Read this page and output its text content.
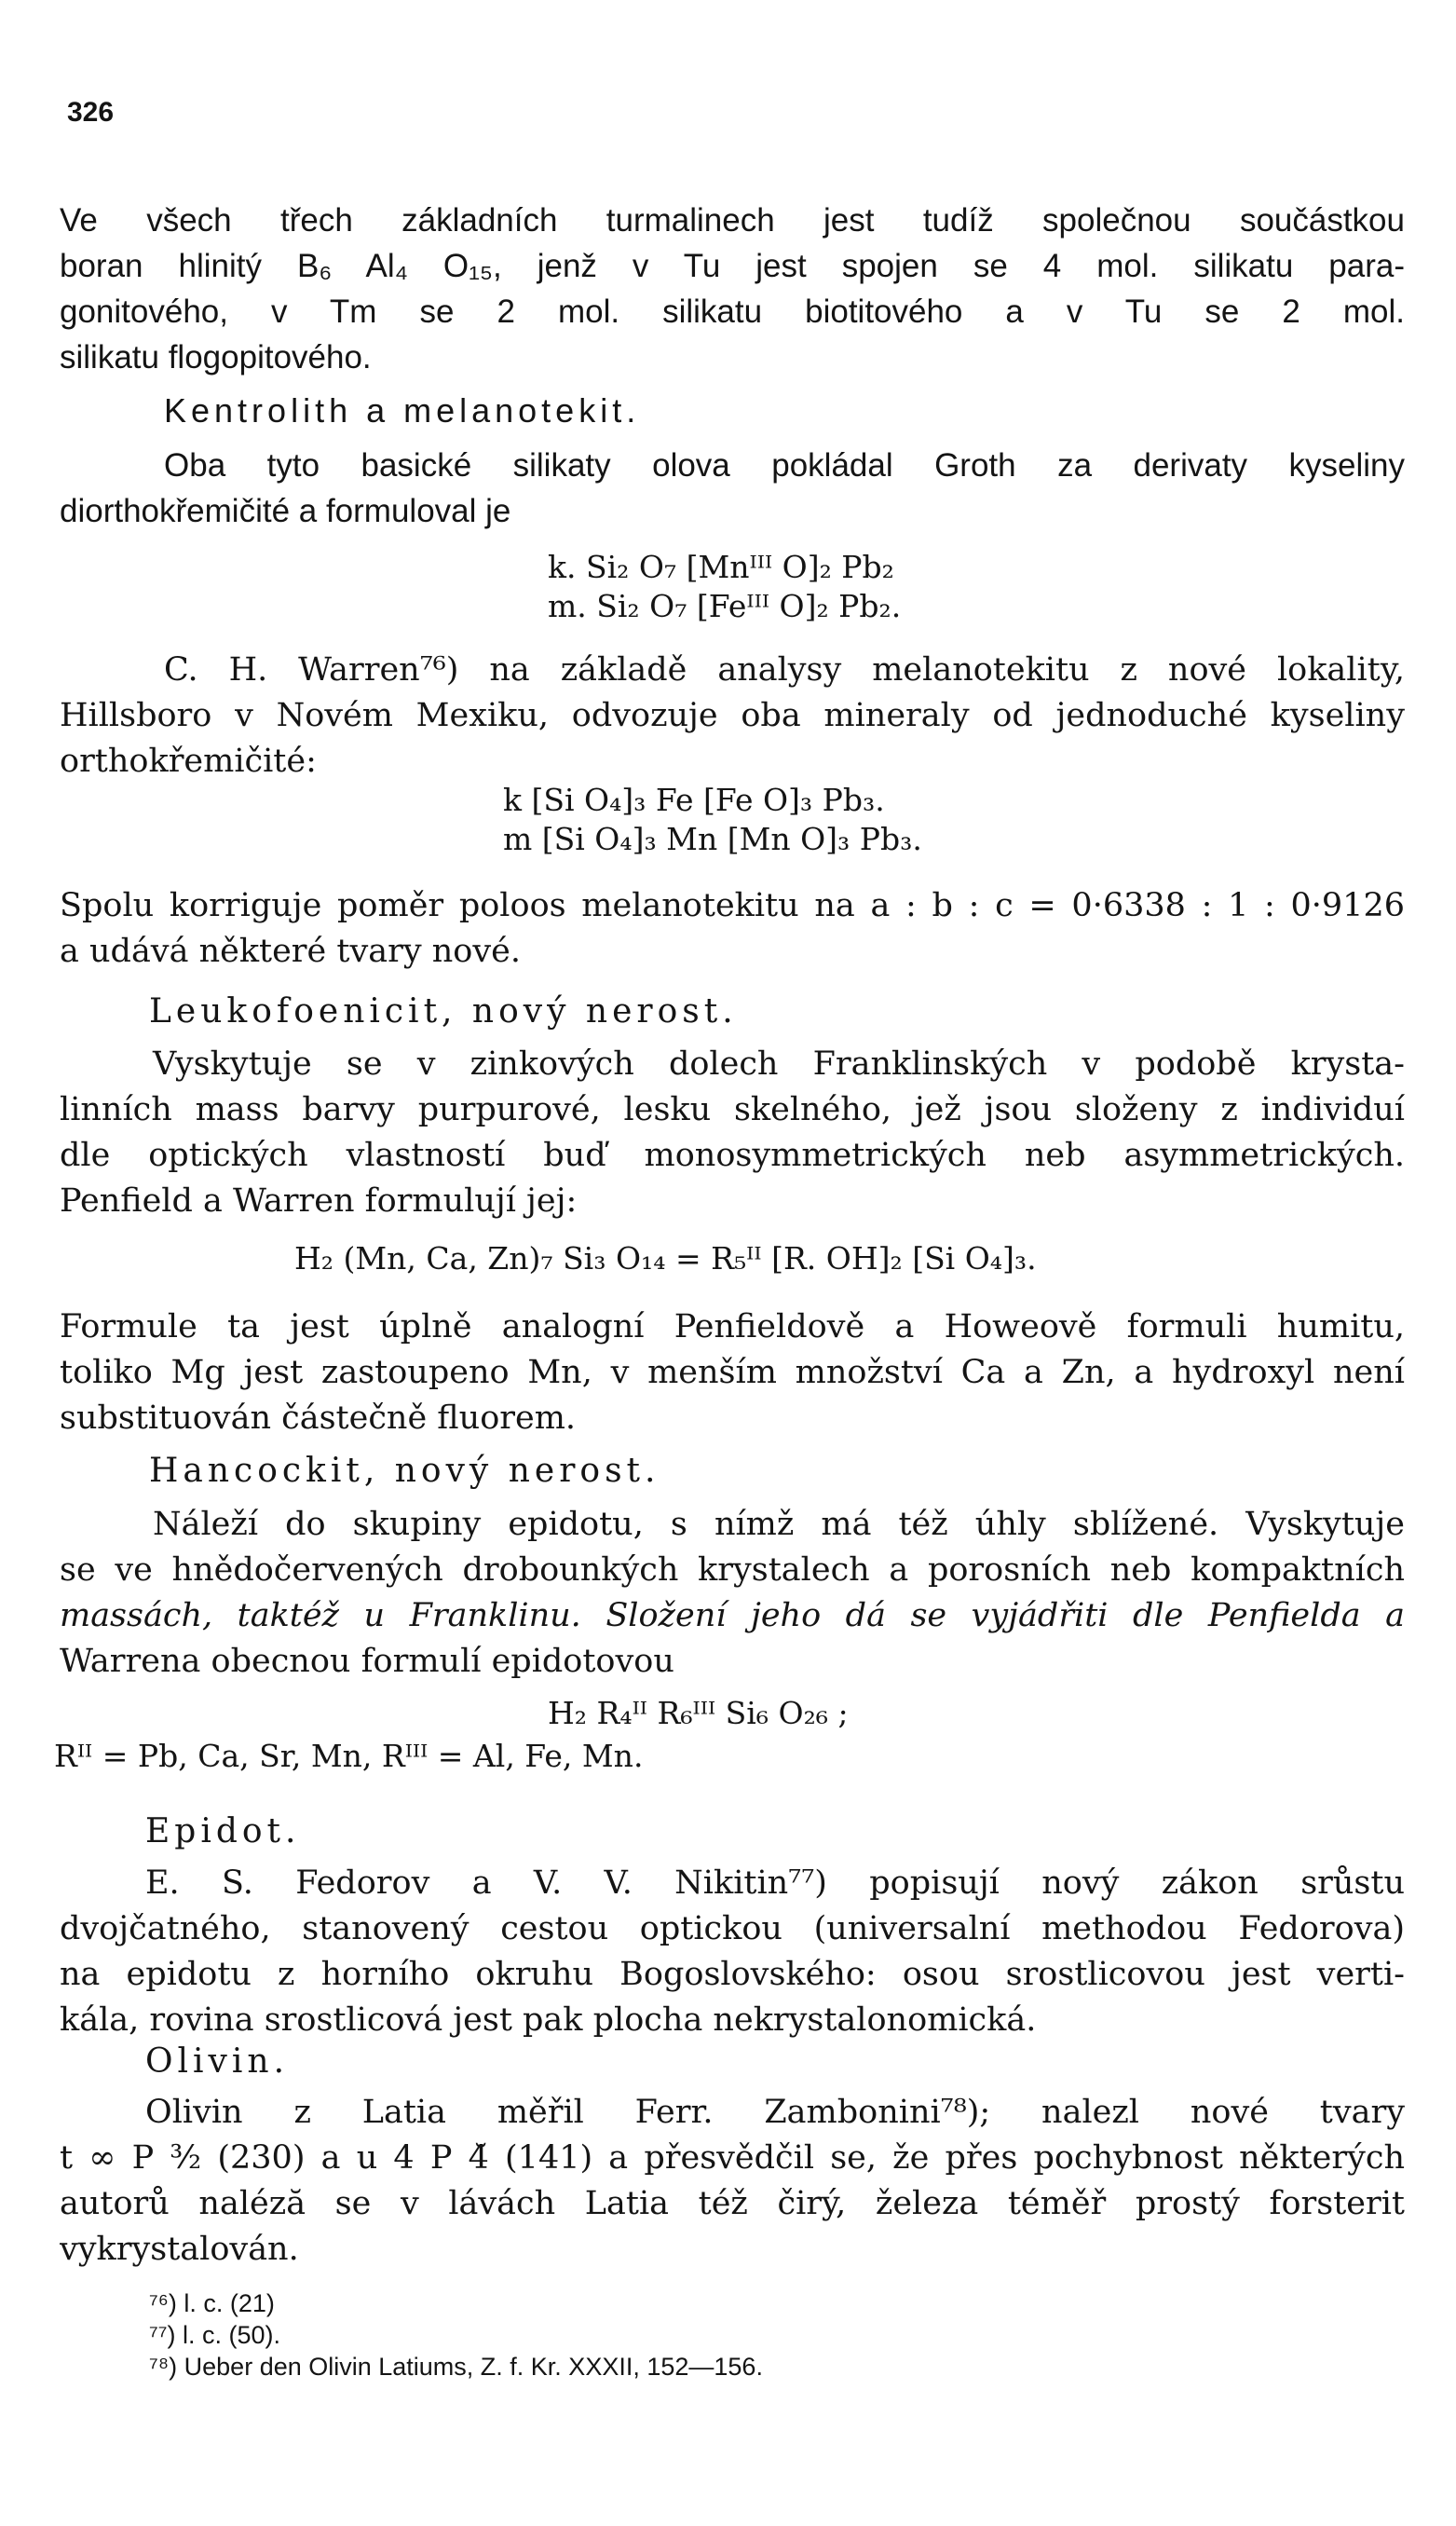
326
Ve všech třech základních turmalinech jest tudíž společnou součástkou
boran hlinitý B₆ Al₄ O₁₅, jenž v Tu jest spojen se 4 mol. silikatu para-
gonitového, v Tm se 2 mol. silikatu biotitového a v Tu se 2 mol.
silikatu flogopitového.
Kentrolith a melanotekit.
Oba tyto basické silikaty olova pokládal Groth za derivaty kyseliny
diorthokřemičité a formuloval je
k. Si₂ O₇ [Mnᴵᴵᴵ O]₂ Pb₂
m. Si₂ O₇ [Feᴵᴵᴵ O]₂ Pb₂.
C. H. Warren⁷⁶) na základě analysy melanotekitu z nové lokality,
Hillsboro v Novém Mexiku, odvozuje oba mineraly od jednoduché kyseliny
orthokřemičité:
k [Si O₄]₃ Fe [Fe O]₃ Pb₃.
m [Si O₄]₃ Mn [Mn O]₃ Pb₃.
Spolu korriguje poměr poloos melanotekitu na a : b : c = 0·6338 : 1 : 0·9126
a udává některé tvary nové.
Leukofoenicit, nový nerost.
Vyskytuje se v zinkových dolech Franklinských v podobě krysta-
linních mass barvy purpurové, lesku skelného, jež jsou složeny z individuí
dle optických vlastností buď monosymmetrických neb asymmetrických.
Penfield a Warren formulují jej:
H₂ (Mn, Ca, Zn)₇ Si₃ O₁₄ = R₅ᴵᴵ [R. OH]₂ [Si O₄]₃.
Formule ta jest úplně analogní Penfieldově a Howeově formuli humitu,
toliko Mg jest zastoupeno Mn, v menším množství Ca a Zn, a hydroxyl není
substituován částečně fluorem.
Hancockit, nový nerost.
Náleží do skupiny epidotu, s nímž má též úhly sblížené. Vyskytuje
se ve hnědočervených drobounkých krystalech a porosních neb kompaktních
massách, taktéž u Franklinu. Složení jeho dá se vyjádřiti dle Penfielda a
Warrena obecnou formulí epidotovou
H₂ R₄ᴵᴵ R₆ᴵᴵᴵ Si₆ O₂₆ ;
Rᴵᴵ = Pb, Ca, Sr, Mn, Rᴵᴵᴵ = Al, Fe, Mn.
Epidot.
E. S. Fedorov a V. V. Nikitin⁷⁷) popisují nový zákon srůstu
dvojčatného, stanovený cestou optickou (universalní methodou Fedorova)
na epidotu z horního okruhu Bogoslovského: osou srostlicovou jest verti-
kála, rovina srostlicová jest pak plocha nekrystalonomická.
Olivin.
Olivin z Latia měřil Ferr. Zambonini⁷⁸); nalezl nové tvary
t ∞ P ³⁄₂ (230) a u 4 P 4̆ (141) a přesvědčil se, že přes pochybnost některých
autorů naléză se v lávách Latia též čirý, železa téměř prostý forsterit
vykrystalován.
⁷⁶) l. c. (21)
⁷⁷) l. c. (50).
⁷⁸) Ueber den Olivin Latiums, Z. f. Kr. XXXII, 152—156.
